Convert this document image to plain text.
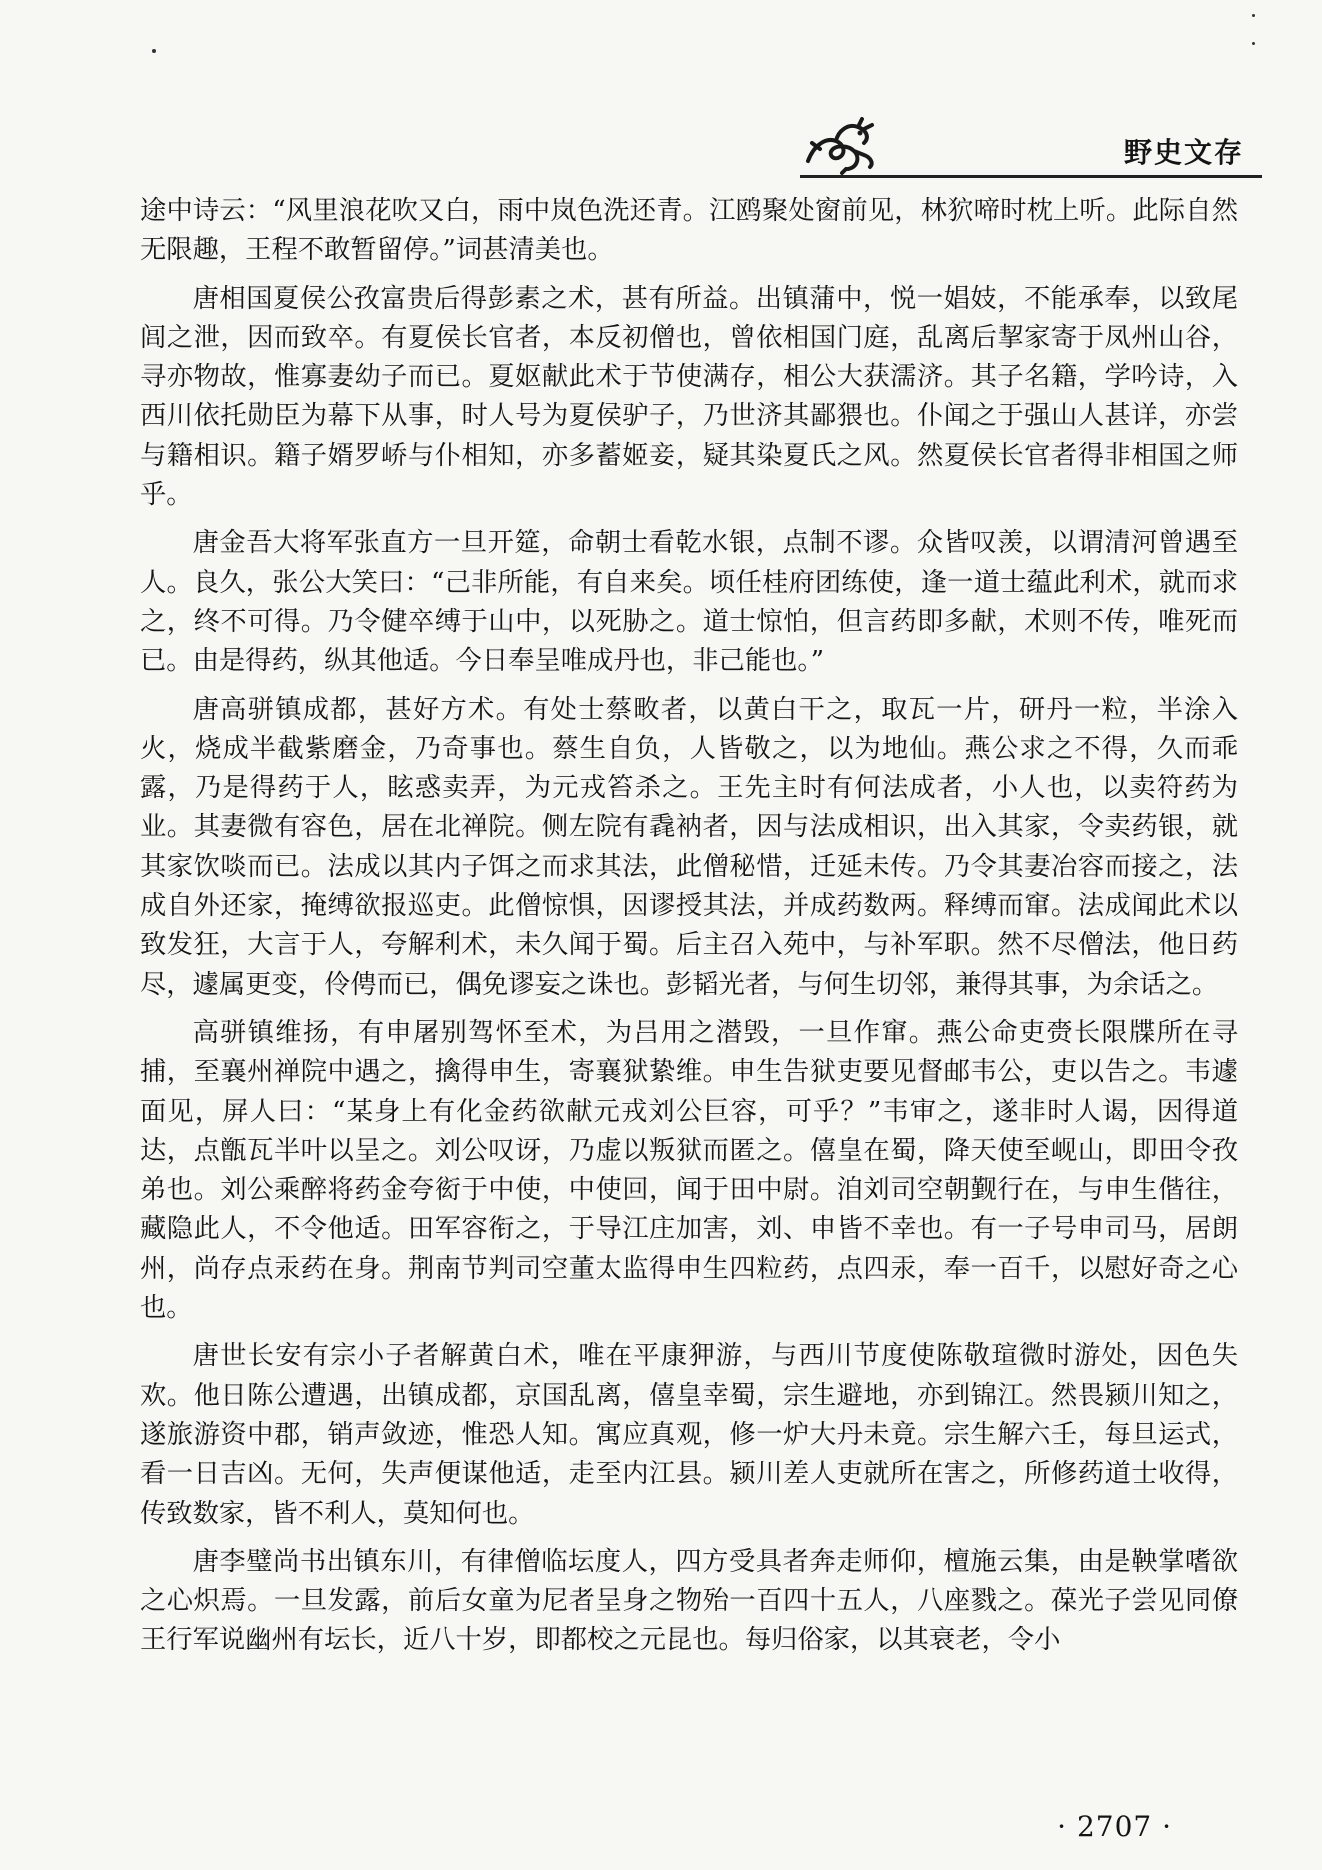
野史文存

途中诗云：“风里浪花吹又白，雨中岚色洗还青。江鸥聚处窗前见，林狖啼时枕上听。此际自然无限趣，王程不敢暂留停。”词甚清美也。

唐相国夏侯公孜富贵后得彭素之术，甚有所益。出镇蒲中，悦一娼妓，不能承奉，以致尾闾之泄，因而致卒。有夏侯长官者，本反初僧也，曾依相国门庭，乱离后挈家寄于凤州山谷，寻亦物故，惟寡妻幼子而已。夏妪献此术于节使满存，相公大获濡济。其子名籍，学吟诗，入西川依托勋臣为幕下从事，时人号为夏侯驴子，乃世济其鄙猥也。仆闻之于强山人甚详，亦尝与籍相识。籍子婿罗峤与仆相知，亦多蓄姬妾，疑其染夏氏之风。然夏侯长官者得非相国之师乎。

唐金吾大将军张直方一旦开筵，命朝士看乾水银，点制不谬。众皆叹羡，以谓清河曾遇至人。良久，张公大笑曰：“己非所能，有自来矣。顷任桂府团练使，逢一道士蕴此利术，就而求之，终不可得。乃令健卒缚于山中，以死胁之。道士惊怕，但言药即多献，术则不传，唯死而已。由是得药，纵其他适。今日奉呈唯成丹也，非己能也。”

唐高骈镇成都，甚好方术。有处士蔡畋者，以黄白干之，取瓦一片，研丹一粒，半涂入火，烧成半截紫磨金，乃奇事也。蔡生自负，人皆敬之，以为地仙。燕公求之不得，久而乖露，乃是得药于人，眩惑卖弄，为元戎笞杀之。王先主时有何法成者，小人也，以卖符药为业。其妻微有容色，居在北禅院。侧左院有毳衲者，因与法成相识，出入其家，令卖药银，就其家饮啖而已。法成以其内子饵之而求其法，此僧秘惜，迁延未传。乃令其妻冶容而接之，法成自外还家，掩缚欲报巡吏。此僧惊惧，因谬授其法，并成药数两。释缚而窜。法成闻此术以致发狂，大言于人，夸解利术，未久闻于蜀。后主召入苑中，与补军职。然不尽僧法，他日药尽，遽属更变，伶俜而已，偶免谬妄之诛也。彭韬光者，与何生切邻，兼得其事，为余话之。

高骈镇维扬，有申屠别驾怀至术，为吕用之潜毁，一旦作窜。燕公命吏赍长限牒所在寻捕，至襄州禅院中遇之，擒得申生，寄襄狱絷维。申生告狱吏要见督邮韦公，吏以告之。韦遽面见，屏人曰：“某身上有化金药欲献元戎刘公巨容，可乎？”韦审之，遂非时人谒，因得道达，点甑瓦半叶以呈之。刘公叹讶，乃虚以叛狱而匿之。僖皇在蜀，降天使至岘山，即田令孜弟也。刘公乘醉将药金夸衒于中使，中使回，闻于田中尉。洎刘司空朝觐行在，与申生偕往，藏隐此人，不令他适。田军容衔之，于导江庄加害，刘、申皆不幸也。有一子号申司马，居朗州，尚存点汞药在身。荆南节判司空董太监得申生四粒药，点四汞，奉一百千，以慰好奇之心也。

唐世长安有宗小子者解黄白术，唯在平康狎游，与西川节度使陈敬瑄微时游处，因色失欢。他日陈公遭遇，出镇成都，京国乱离，僖皇幸蜀，宗生避地，亦到锦江。然畏颍川知之，遂旅游资中郡，销声敛迹，惟恐人知。寓应真观，修一炉大丹未竟。宗生解六壬，每旦运式，看一日吉凶。无何，失声便谋他适，走至内江县。颍川差人吏就所在害之，所修药道士收得，传致数家，皆不利人，莫知何也。

唐李璧尚书出镇东川，有律僧临坛度人，四方受具者奔走师仰，檀施云集，由是鞅掌嗜欲之心炽焉。一旦发露，前后女童为尼者呈身之物殆一百四十五人，八座戮之。葆光子尝见同僚王行军说幽州有坛长，近八十岁，即都校之元昆也。每归俗家，以其衰老，令小

· 2707 ·
